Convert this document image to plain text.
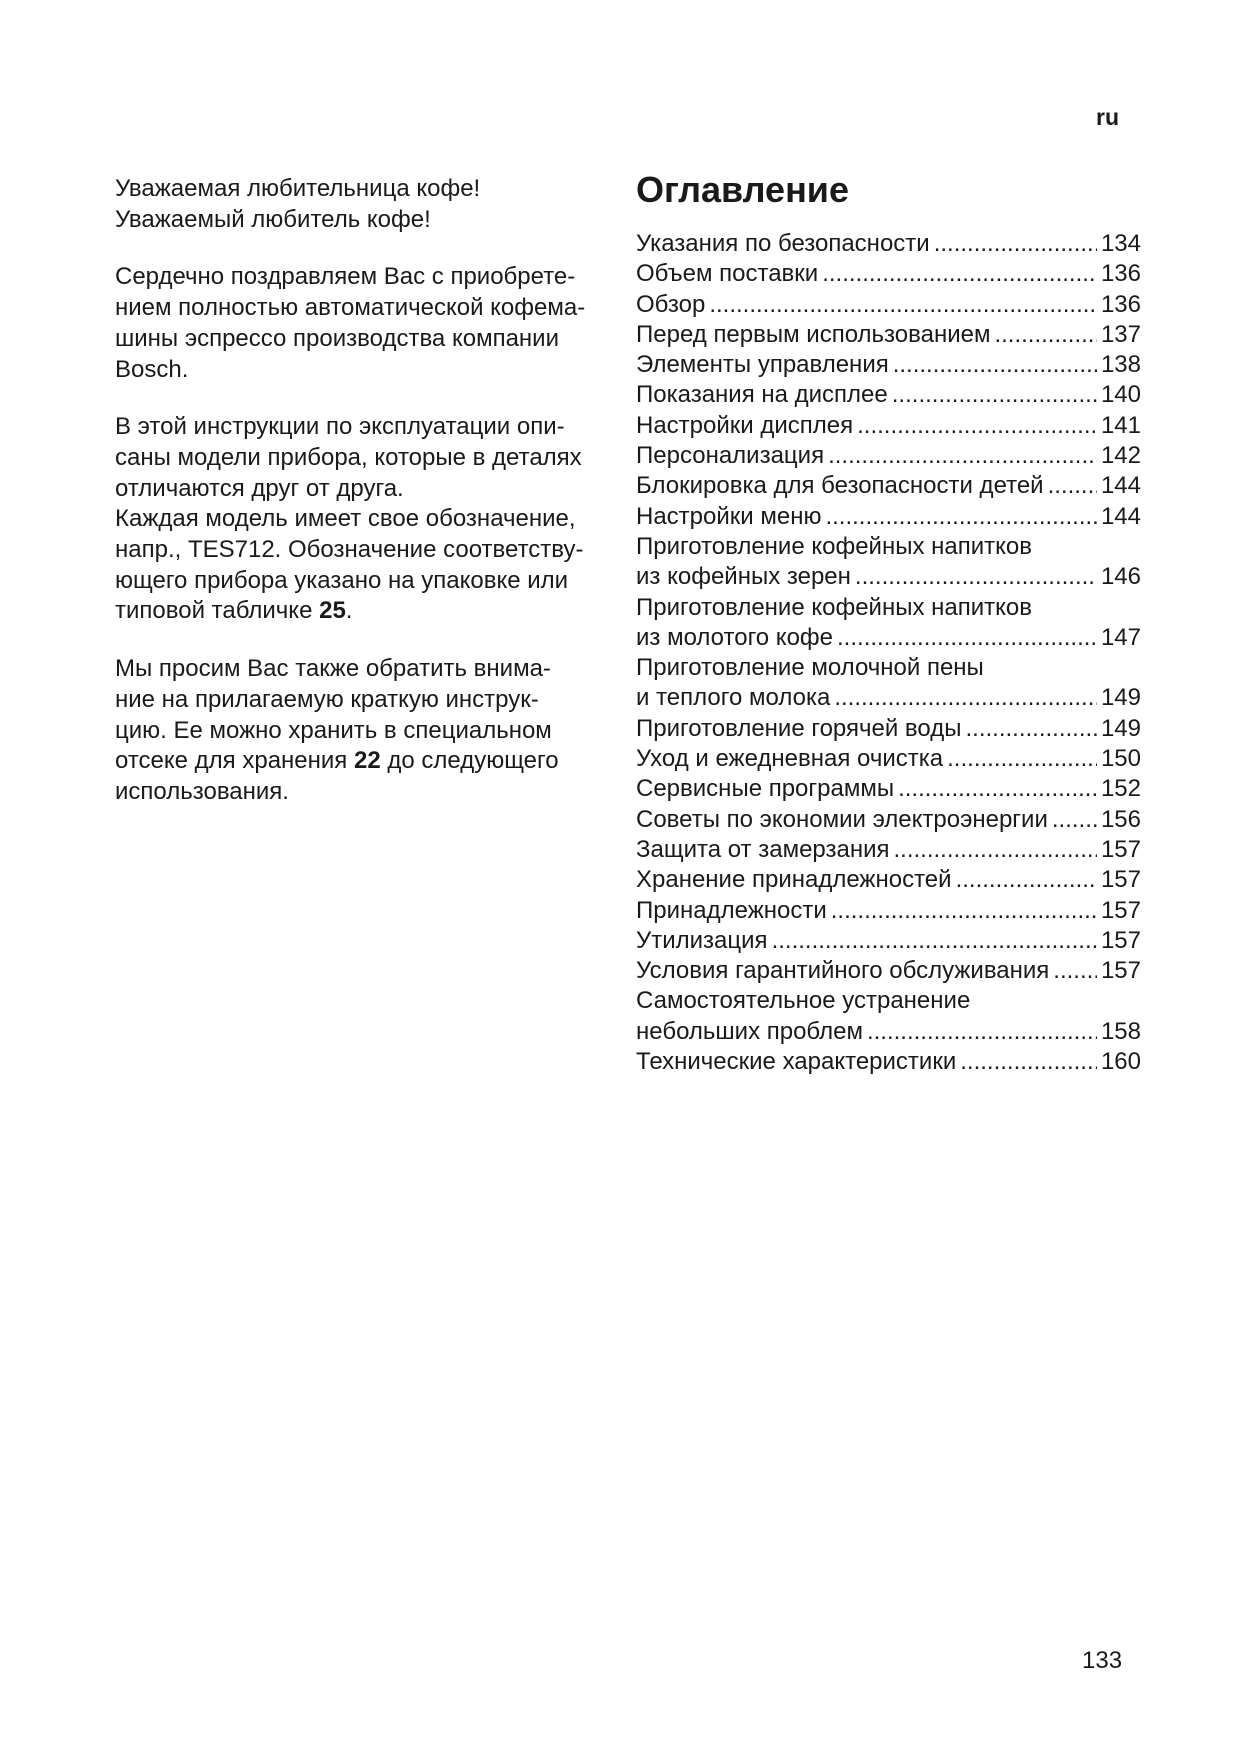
ru

Уважаемая любительница кофе!
Уважаемый любитель кофе!

Сердечно поздравляем Вас с приобрете-
нием полностью автоматической кофема-
шины эспрессо производства компании
Bosch.

В этой инструкции по эксплуатации опи-
саны модели прибора, которые в деталях
отличаются друг от друга.
Каждая модель имеет свое обозначение,
напр., TES712. Обозначение соответству-
ющего прибора указано на упаковке или
типовой табличке 25.

Мы просим Вас также обратить внима-
ние на прилагаемую краткую инструк-
цию. Ее можно хранить в специальном
отсеке для хранения 22 до следующего
использования.

Оглавление
Указания по безопасности .....	134
Объем поставки .....	136
Обзор .....	136
Перед первым использованием .....	137
Элементы управления .....	138
Показания на дисплее .....	140
Настройки дисплея .....	141
Персонализация .....	142
Блокировка для безопасности детей ..... 144
Настройки меню .....	144
Приготовление кофейных напитков
из кофейных зерен .....	146
Приготовление кофейных напитков
из молотого кофе .....	147
Приготовление молочной пены
и теплого молока .....	149
Приготовление горячей воды .....	149
Уход и ежедневная очистка .....	150
Сервисные программы .....	152
Советы по экономии электроэнергии ..... 156
Защита от замерзания .....	157
Хранение принадлежностей .....	157
Принадлежности .....	157
Утилизация .....	157
Условия гарантийного обслуживания ..... 157
Самостоятельное устранение
небольших проблем .....	158
Технические характеристики .....	160
133
